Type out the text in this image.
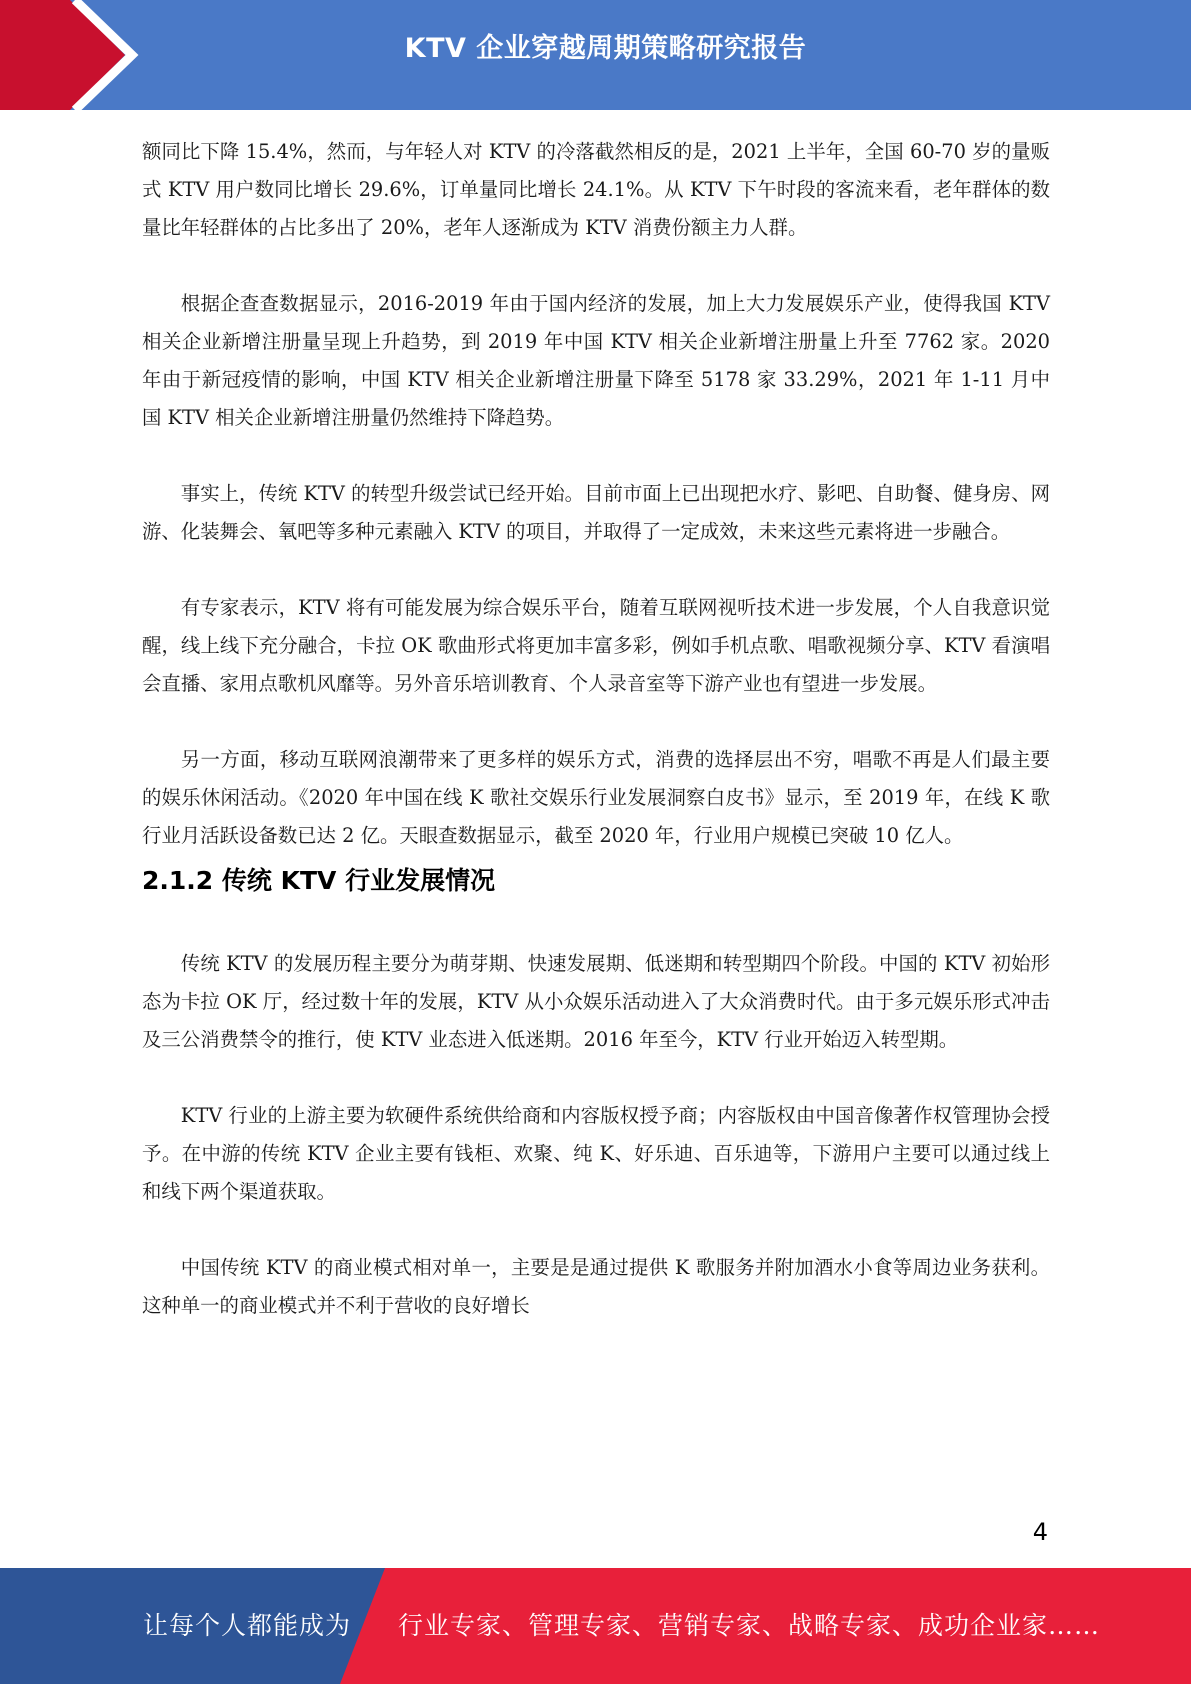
KTV 企业穿越周期策略研究报告

额同比下降 15.4%，然而，与年轻人对 KTV 的冷落截然相反的是，2021 上半年，全国 60-70 岁的量贩式 KTV 用户数同比增长 29.6%，订单量同比增长 24.1%。从 KTV 下午时段的客流来看，老年群体的数量比年轻群体的占比多出了 20%，老年人逐渐成为 KTV 消费份额主力人群。

根据企查查数据显示，2016-2019 年由于国内经济的发展，加上大力发展娱乐产业，使得我国 KTV 相关企业新增注册量呈现上升趋势，到 2019 年中国 KTV 相关企业新增注册量上升至 7762 家。2020 年由于新冠疫情的影响，中国 KTV 相关企业新增注册量下降至 5178 家 33.29%，2021 年 1-11 月中国 KTV 相关企业新增注册量仍然维持下降趋势。

事实上，传统 KTV 的转型升级尝试已经开始。目前市面上已出现把水疗、影吧、自助餐、健身房、网游、化装舞会、氧吧等多种元素融入 KTV 的项目，并取得了一定成效，未来这些元素将进一步融合。

有专家表示，KTV 将有可能发展为综合娱乐平台，随着互联网视听技术进一步发展，个人自我意识觉醒，线上线下充分融合，卡拉 OK 歌曲形式将更加丰富多彩，例如手机点歌、唱歌视频分享、KTV 看演唱会直播、家用点歌机风靡等。另外音乐培训教育、个人录音室等下游产业也有望进一步发展。

另一方面，移动互联网浪潮带来了更多样的娱乐方式，消费的选择层出不穷，唱歌不再是人们最主要的娱乐休闲活动。《2020 年中国在线 K 歌社交娱乐行业发展洞察白皮书》显示，至 2019 年，在线 K 歌行业月活跃设备数已达 2 亿。天眼查数据显示，截至 2020 年，行业用户规模已突破 10 亿人。

2.1.2 传统 KTV 行业发展情况

传统 KTV 的发展历程主要分为萌芽期、快速发展期、低迷期和转型期四个阶段。中国的 KTV 初始形态为卡拉 OK 厅，经过数十年的发展，KTV 从小众娱乐活动进入了大众消费时代。由于多元娱乐形式冲击及三公消费禁令的推行，使 KTV 业态进入低迷期。2016 年至今，KTV 行业开始迈入转型期。

KTV 行业的上游主要为软硬件系统供给商和内容版权授予商；内容版权由中国音像著作权管理协会授予。在中游的传统 KTV 企业主要有钱柜、欢聚、纯 K、好乐迪、百乐迪等，下游用户主要可以通过线上和线下两个渠道获取。

中国传统 KTV 的商业模式相对单一，主要是是通过提供 K 歌服务并附加酒水小食等周边业务获利。这种单一的商业模式并不利于营收的良好增长

4
让每个人都能成为 行业专家、管理专家、营销专家、战略专家、成功企业家……
